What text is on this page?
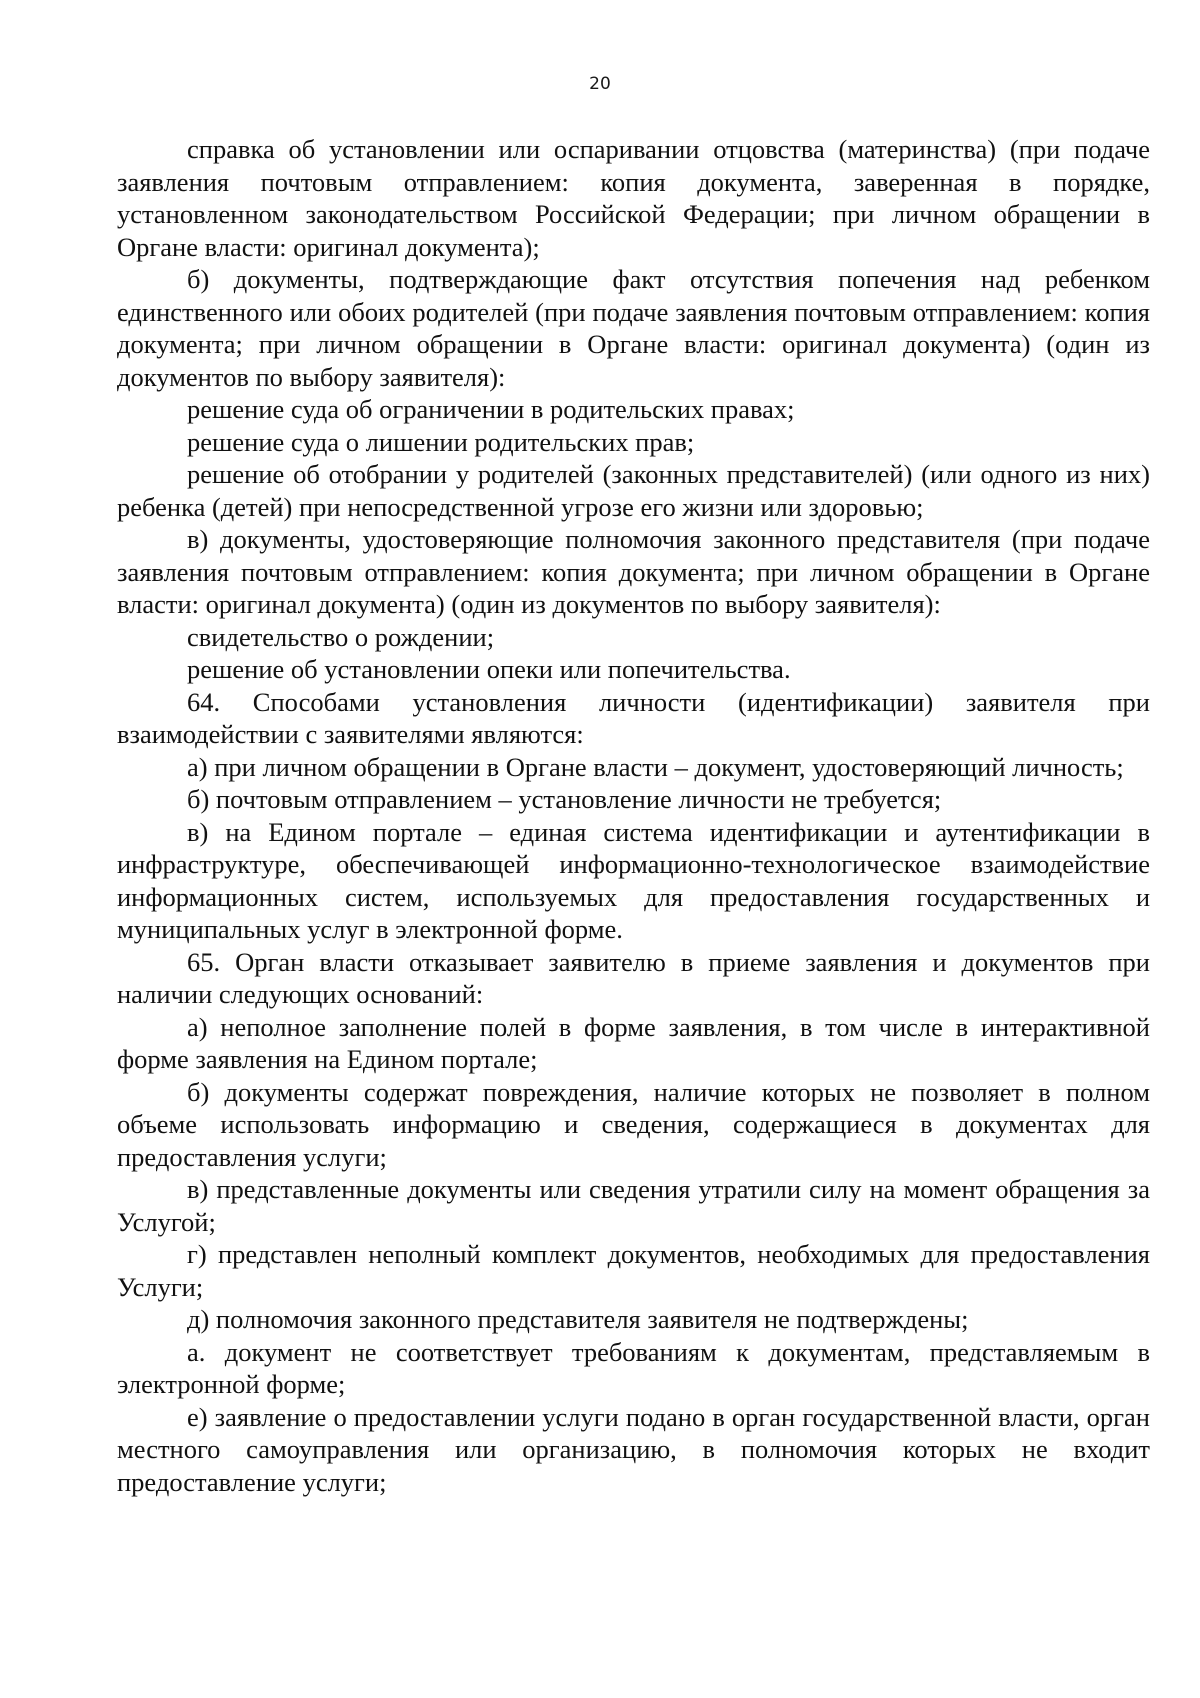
20

справка об установлении или оспаривании отцовства (материнства) (при подаче заявления почтовым отправлением: копия документа, заверенная в порядке, установленном законодательством Российской Федерации; при личном обращении в Органе власти: оригинал документа);

б) документы, подтверждающие факт отсутствия попечения над ребенком единственного или обоих родителей (при подаче заявления почтовым отправлением: копия документа; при личном обращении в Органе власти: оригинал документа) (один из документов по выбору заявителя):

решение суда об ограничении в родительских правах;

решение суда о лишении родительских прав;

решение об отобрании у родителей (законных представителей) (или одного из них) ребенка (детей) при непосредственной угрозе его жизни или здоровью;

в) документы, удостоверяющие полномочия законного представителя (при подаче заявления почтовым отправлением: копия документа; при личном обращении в Органе власти: оригинал документа) (один из документов по выбору заявителя):

свидетельство о рождении;

решение об установлении опеки или попечительства.

64. Способами установления личности (идентификации) заявителя при взаимодействии с заявителями являются:

а) при личном обращении в Органе власти – документ, удостоверяющий личность;

б) почтовым отправлением – установление личности не требуется;

в) на Едином портале – единая система идентификации и аутентификации в инфраструктуре, обеспечивающей информационно-технологическое взаимодействие информационных систем, используемых для предоставления государственных и муниципальных услуг в электронной форме.

65. Орган власти отказывает заявителю в приеме заявления и документов при наличии следующих оснований:

а) неполное заполнение полей в форме заявления, в том числе в интерактивной форме заявления на Едином портале;

б) документы содержат повреждения, наличие которых не позволяет в полном объеме использовать информацию и сведения, содержащиеся в документах для предоставления услуги;

в) представленные документы или сведения утратили силу на момент обращения за Услугой;

г) представлен неполный комплект документов, необходимых для предоставления Услуги;

д) полномочия законного представителя заявителя не подтверждены;

а. документ не соответствует требованиям к документам, представляемым в электронной форме;

е) заявление о предоставлении услуги подано в орган государственной власти, орган местного самоуправления или организацию, в полномочия которых не входит предоставление услуги;
